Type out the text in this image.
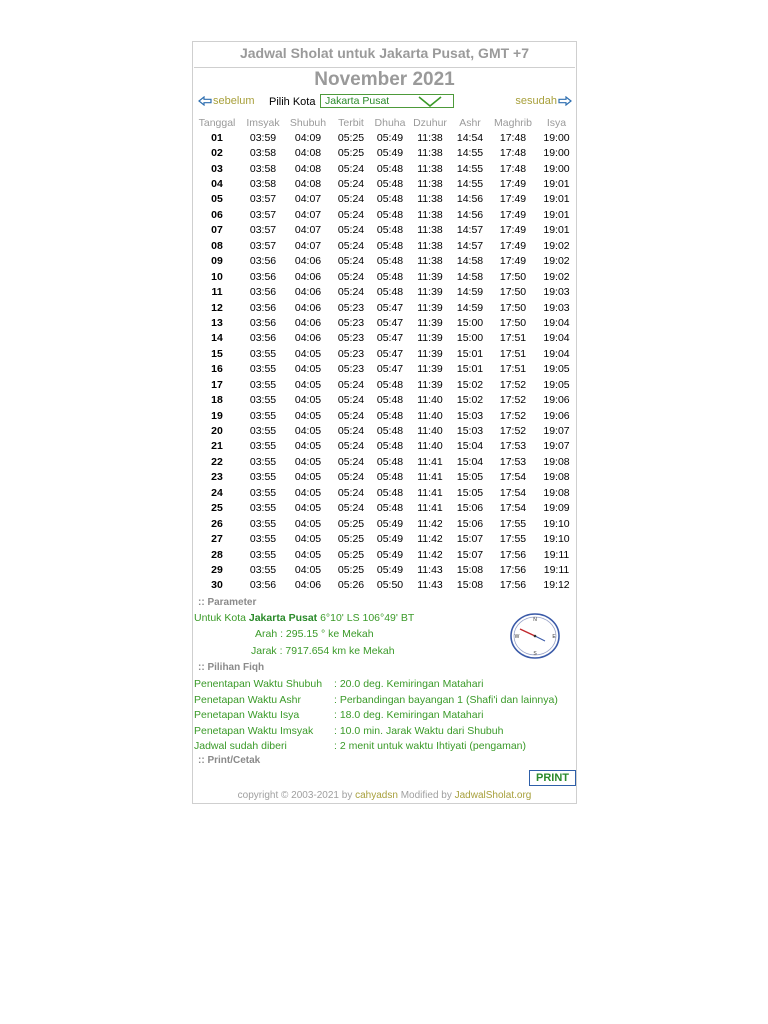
Jadwal Sholat untuk Jakarta Pusat, GMT +7
November 2021
sebelum Pilih Kota Jakarta Pusat	sesudah
Tanggal	Imsyak	Shubuh	Terbit	Dhuha	Dzuhur	Ashr	Maghrib	Isya
01	03:59	04:09	05:25	05:49	11:38	14:54	17:48	19:00
02	03:58	04:08	05:25	05:49	11:38	14:55	17:48	19:00
03	03:58	04:08	05:24	05:48	11:38	14:55	17:48	19:00
04	03:58	04:08	05:24	05:48	11:38	14:55	17:49	19:01
05	03:57	04:07	05:24	05:48	11:38	14:56	17:49	19:01
06	03:57	04:07	05:24	05:48	11:38	14:56	17:49	19:01
07	03:57	04:07	05:24	05:48	11:38	14:57	17:49	19:01
08	03:57	04:07	05:24	05:48	11:38	14:57	17:49	19:02
09	03:56	04:06	05:24	05:48	11:38	14:58	17:49	19:02
10	03:56	04:06	05:24	05:48	11:39	14:58	17:50	19:02
11	03:56	04:06	05:24	05:48	11:39	14:59	17:50	19:03
12	03:56	04:06	05:23	05:47	11:39	14:59	17:50	19:03
13	03:56	04:06	05:23	05:47	11:39	15:00	17:50	19:04
14	03:56	04:06	05:23	05:47	11:39	15:00	17:51	19:04
15	03:55	04:05	05:23	05:47	11:39	15:01	17:51	19:04
16	03:55	04:05	05:23	05:47	11:39	15:01	17:51	19:05
17	03:55	04:05	05:24	05:48	11:39	15:02	17:52	19:05
18	03:55	04:05	05:24	05:48	11:40	15:02	17:52	19:06
19	03:55	04:05	05:24	05:48	11:40	15:03	17:52	19:06
20	03:55	04:05	05:24	05:48	11:40	15:03	17:52	19:07
21	03:55	04:05	05:24	05:48	11:40	15:04	17:53	19:07
22	03:55	04:05	05:24	05:48	11:41	15:04	17:53	19:08
23	03:55	04:05	05:24	05:48	11:41	15:05	17:54	19:08
24	03:55	04:05	05:24	05:48	11:41	15:05	17:54	19:08
25	03:55	04:05	05:24	05:48	11:41	15:06	17:54	19:09
26	03:55	04:05	05:25	05:49	11:42	15:06	17:55	19:10
27	03:55	04:05	05:25	05:49	11:42	15:07	17:55	19:10
28	03:55	04:05	05:25	05:49	11:42	15:07	17:56	19:11
29	03:55	04:05	05:25	05:49	11:43	15:08	17:56	19:11
30	03:56	04:06	05:26	05:50	11:43	15:08	17:56	19:12
:: Parameter
Untuk Kota Jakarta Pusat 6°10' LS 106°49' BT
Arah : 295.15 ° ke Mekah
Jarak : 7917.654 km ke Mekah
N
S
W	E
:: Pilihan Fiqh
Penentapan Waktu Shubuh : 20.0 deg. Kemiringan Matahari
Penetapan Waktu Ashr	: Perbandingan bayangan 1 (Shafi'i dan lainnya)
Penetapan Waktu Isya	: 18.0 deg. Kemiringan Matahari
Penetapan Waktu Imsyak : 10.0 min. Jarak Waktu dari Shubuh
Jadwal sudah diberi	: 2 menit untuk waktu Ihtiyati (pengaman)
:: Print/Cetak
PRINT
copyright © 2003-2021 by cahyadsn Modified by JadwalSholat.org
